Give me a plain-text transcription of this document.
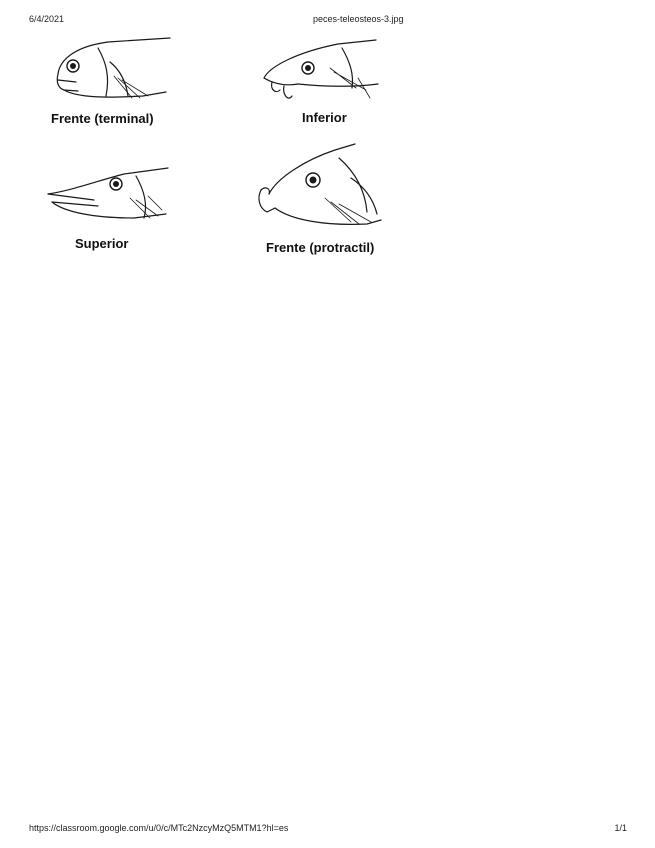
6/4/2021	peces-teleosteos-3.jpg
Frente (terminal)	Inferior
Superior	Frente (protractil)
https://classroom.google.com/u/0/c/MTc2NzcyMzQ5MTM1?hl=es	1/1
